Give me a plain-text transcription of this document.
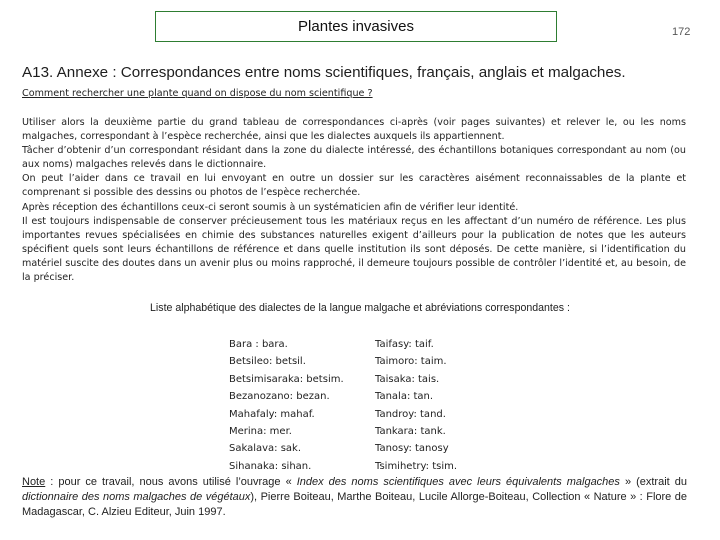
Plantes invasives	172
A13. Annexe : Correspondances entre noms scientifiques, français, anglais et malgaches.
Comment rechercher une plante quand on dispose du nom scientifique ?

Utiliser alors la deuxième partie du grand tableau de correspondances ci-après (voir pages suivantes) et relever le, ou les noms malgaches, correspondant à l’espèce recherchée, ainsi que les dialectes auxquels ils appartiennent.

Tâcher d’obtenir d’un correspondant résidant dans la zone du dialecte intéressé, des échantillons botaniques correspondant au nom (ou aux noms) malgaches relevés dans le dictionnaire.

On peut l’aider dans ce travail en lui envoyant en outre un dossier sur les caractères aisément reconnaissables de la plante et comprenant si possible des dessins ou photos de l’espèce recherchée.

Après réception des échantillons ceux-ci seront soumis à un systématicien afin de vérifier leur identité.

Il est toujours indispensable de conserver précieusement tous les matériaux reçus en les affectant d’un numéro de référence. Les plus importantes revues spécialisées en chimie des substances naturelles exigent d’ailleurs pour la publication de notes que les auteurs spécifient quels sont leurs échantillons de référence et dans quelle institution ils sont déposés. De cette manière, si l’identification du matériel suscite des doutes dans un avenir plus ou moins rapproché, il demeure toujours possible de contrôler l’identité et, au besoin, de la préciser.

Liste alphabétique des dialectes de la langue malgache et abréviations correspondantes :
Bara : bara.
Betsileo: betsil.
Betsimisaraka: betsim.
Bezanozano: bezan.
Mahafaly: mahaf.
Merina: mer.
Sakalava: sak.
Sihanaka: sihan.
Taifasy: taif.
Taimoro: taim.
Taisaka: tais.
Tanala: tan.
Tandroy: tand.
Tankara: tank.
Tanosy: tanosy
Tsimihetry: tsim.
Note : pour ce travail, nous avons utilisé l’ouvrage « Index des noms scientifiques avec leurs équivalents malgaches » (extrait du dictionnaire des noms malgaches de végétaux), Pierre Boiteau, Marthe Boiteau, Lucile Allorge-Boiteau, Collection « Nature » : Flore de Madagascar, C. Alzieu Editeur, Juin 1997.
